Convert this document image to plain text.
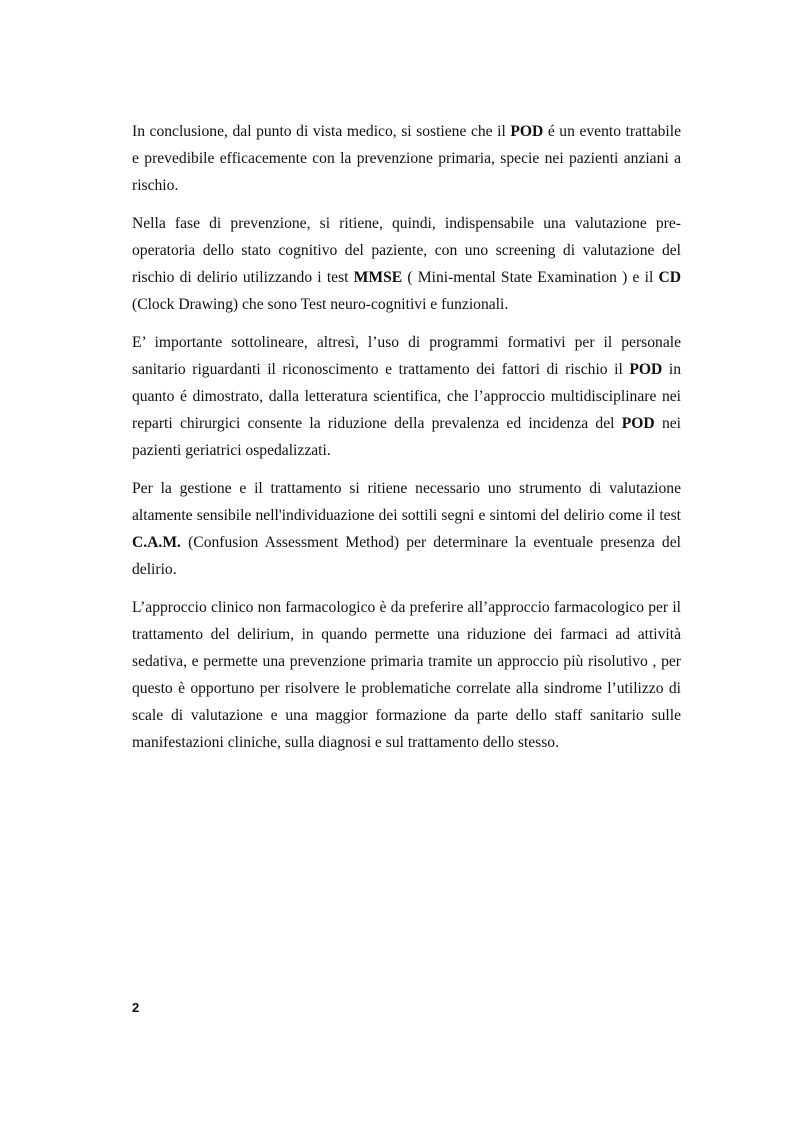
In conclusione, dal punto di vista medico, si sostiene che il POD é un evento trattabile e prevedibile efficacemente con la prevenzione primaria, specie nei pazienti anziani a rischio.

Nella fase di prevenzione, si ritiene, quindi, indispensabile una valutazione pre-operatoria dello stato cognitivo del paziente, con uno screening di valutazione del rischio di delirio utilizzando i test MMSE ( Mini-mental State Examination ) e il CD (Clock Drawing) che sono Test neuro-cognitivi e funzionali.

E’ importante sottolineare, altresì, l’uso di programmi formativi per il personale sanitario riguardanti il riconoscimento e trattamento dei fattori di rischio il POD in quanto é dimostrato, dalla letteratura scientifica, che l’approccio multidisciplinare nei reparti chirurgici consente la riduzione della prevalenza ed incidenza del POD nei pazienti geriatrici ospedalizzati.

Per la gestione e il trattamento si ritiene necessario uno strumento di valutazione altamente sensibile nell'individuazione dei sottili segni e sintomi del delirio come il test C.A.M. (Confusion Assessment Method) per determinare la eventuale presenza del delirio.

L’approccio clinico non farmacologico è da preferire all’approccio farmacologico per il trattamento del delirium, in quando permette una riduzione dei farmaci ad attività sedativa, e permette una prevenzione primaria tramite un approccio più risolutivo , per questo è opportuno per risolvere le problematiche correlate alla sindrome l’utilizzo di scale di valutazione e una maggior formazione da parte dello staff sanitario sulle manifestazioni cliniche, sulla diagnosi e sul trattamento dello stesso.

2
